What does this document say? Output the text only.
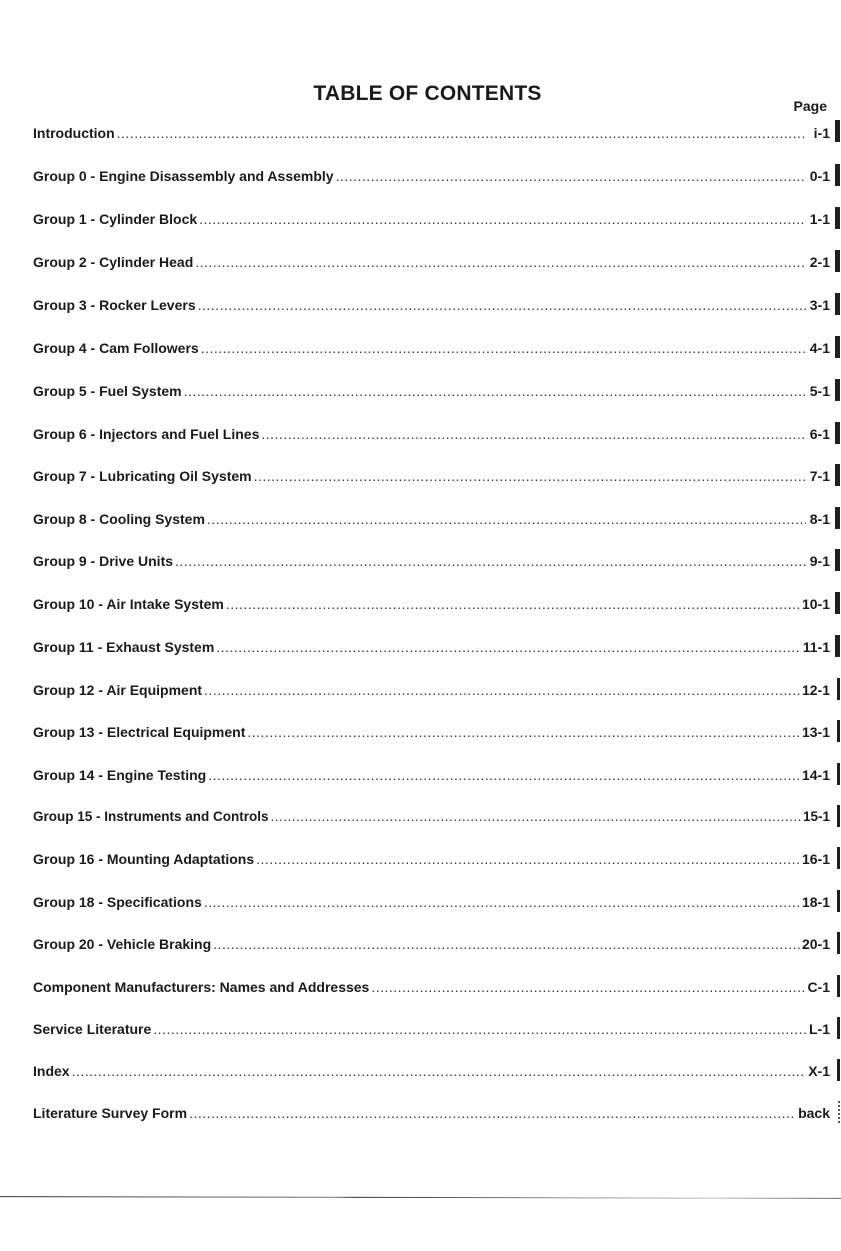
TABLE OF CONTENTS
Page
Introduction .....	i-1
Group 0 - Engine Disassembly and Assembly .....	0-1
Group 1 - Cylinder Block .....	1-1
Group 2 - Cylinder Head .....	2-1
Group 3 - Rocker Levers .....	3-1
Group 4 - Cam Followers .....	4-1
Group 5 - Fuel System .....	5-1
Group 6 - Injectors and Fuel Lines .....	6-1
Group 7 - Lubricating Oil System .....	7-1
Group 8 - Cooling System .....	8-1
Group 9 - Drive Units .....	9-1
Group 10 - Air Intake System .....	10-1
Group 11 - Exhaust System .....	11-1
Group 12 - Air Equipment .....	12-1
Group 13 - Electrical Equipment .....	13-1
Group 14 - Engine Testing .....	14-1
Group 15 - Instruments and Controls .....	15-1
Group 16 - Mounting Adaptations .....	16-1
Group 18 - Specifications .....	18-1
Group 20 - Vehicle Braking .....	20-1
Component Manufacturers: Names and Addresses .....	C-1
Service Literature .....	L-1
Index .....	X-1
Literature Survey Form .....	back
